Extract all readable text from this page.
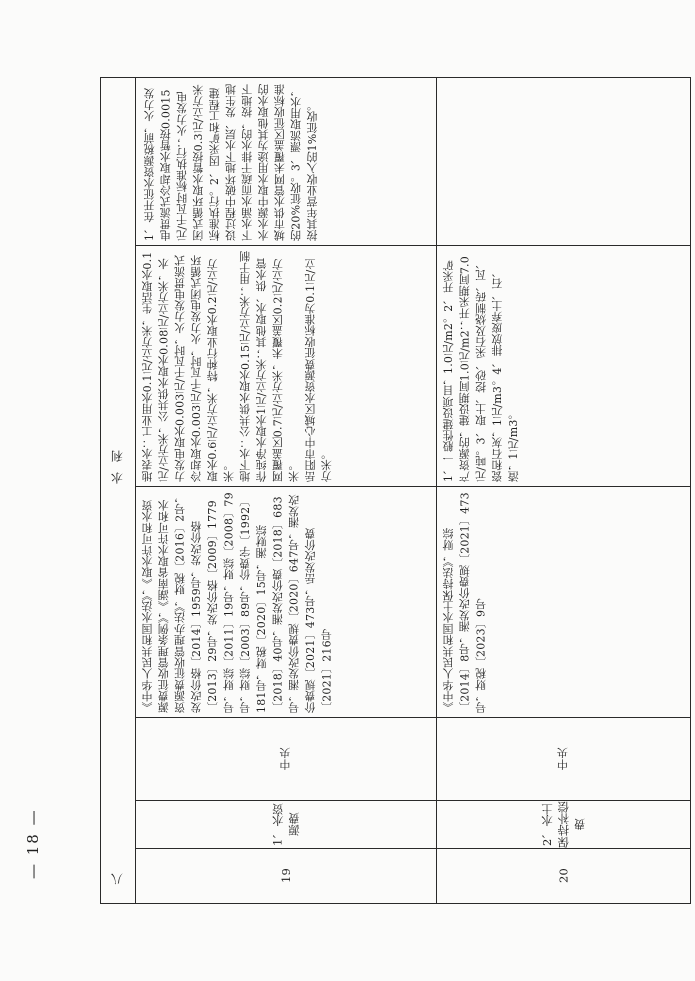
八
水利
19
1、水资源费
中央
《中华人民共和国水法》，《取水许可和水资源费征收管理条例》，《湖南省取水许可和水资源费征收管理办法》，财税〔2016〕2号，发改价格〔2014〕1959号，发改价格〔2013〕29号，发改价格〔2009〕1779号，财综〔2011〕19号，财综〔2008〕79号，财综〔2003〕89号，价费字〔1992〕181号，财税〔2020〕15号，湘财综〔2018〕40号，湘发改价费〔2018〕683号，湘发改价费规〔2020〕647号，湘发改价费规〔2021〕473号，岳发改价费〔2021〕216号
地表水：工业用水0.1元/立方米，生活取水0.1元/立方米，公共供水取水0.08元/立方米，水力发电取水0.003元/千瓦时，火力发电贯流式冷却取水0.003元/千瓦时，火力发电闭式循环取水0.6元/立方米，特种行业取水0.2元/立方米。
地下水：公共供水取水0.15元/立方米；用于制作纯净水取水1元/立方米；其他取水、供水管网覆盖区0.7元/立方米，未覆盖区0.2元/立方米。
岳阳市中心城区水资源费征收标准为0.1元/立方米。
1、在开征水资源税前，火力发电贯流式冷却取水暂按0.0015元/千瓦时标准执行；火力发电闭式循环取水暂按0.3元/立方米标准执行。2、因采矿和工程建设过程中破坏地下水层、发生地下水涌水而疏干排水的，按地下水水源中取水用途为其他取水的城市供水管网未覆盖区征收标准的20%征收。3、漂流取用水，按其年营业收入的1%征收。
20
2、水土保持补偿费
中央
《中华人民共和国水土保持法》，财综〔2014〕8号，湘发改价费规〔2021〕473号，财税〔2023〕9号
1、一般性建设项目，1.0元/m2。2、开采矿产资源的，建设期间1.0元/m2；开采期间7.0元/吨。3、取土、挖砂、采石及烧制砖、瓦、瓷和石灰，1元/m3。4、排放废弃土、石、渣，1元/m3。
— 18 —
